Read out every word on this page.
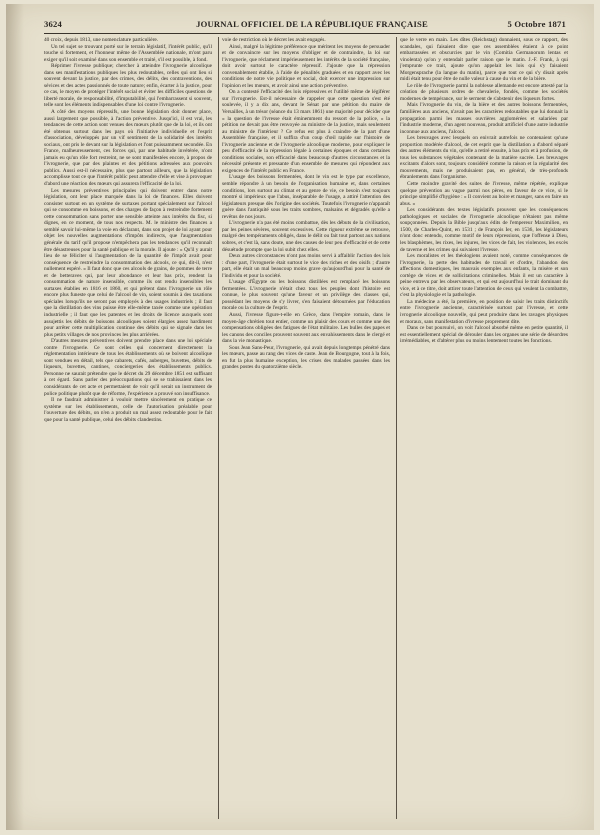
3624	JOURNAL OFFICIEL DE LA RÉPUBLIQUE FRANÇAISE	5 Octobre 1871

40 croix, depuis 1813, une nomenclature particulière.

Un tel sujet se trouvant porté sur le terrain législatif, l'intérêt public, qu'il touche si fortement, et l'honneur même de l'Assemblée nationale, m'ont paru exiger qu'il soit examiné dans son ensemble et traité, s'il est possible, à fond.

Réprimer l'ivresse publique; chercher à atteindre l'ivrognerie alcoolique dans ses manifestations publiques les plus redoutables, celles qui ont lieu si souvent devant la justice, par des crimes, des délits, des contraventions, des sévices et des actes passionnés de toute nature; enfin, écarter à la justice, pour ce cas, le moyen de protéger l'intérêt social et éviter les difficiles questions de liberté morale, de responsabilité, d'imputabilité, qui l'embarrassent si souvent, telle sont les éléments indispensables d'une loi contre l'ivrognerie.

A côté des moyens répressifs, une bonne législation doit donner place, aussi largement que possible, à l'action préventive. Jusqu'ici, il est vrai, les tendances de cette action sont venues des mœurs plutôt que de la loi, et ils ont été obtenus surtout dans les pays où l'initiative individuelle et l'esprit d'association, développés par un vif sentiment de la solidarité des intérêts sociaux, ont pris le devant sur la législation et l'ont puissamment secondée. En France, malheureusement, ces forces qui, par une habitude invétérée, n'ont jamais eu qu'un rôle fort restreint, ne se sont manifestées encore, à propos de l'ivrognerie, que par des plaintes et des pétitions adressées aux pouvoirs publics. Aussi est-il nécessaire, plus que partout ailleurs, que la législation accomplisse tout ce que l'intérêt public peut attendre d'elle et vise à provoquer d'abord une réaction des mœurs qui assurera l'efficacité de la loi.

Les mesures préventives principales qui doivent entrer dans notre législation, ont leur place marquée dans la loi de finances. Elles doivent consister surtout en un système de surtaxes portant spécialement sur l'alcool qui se consomme en boissons, et des charges de façon à restreindre fortement cette consommation sans porter une sensible atteinte aux intérêts du fisc, si dignes, en ce moment, de tous nos respects. M. le ministre des finances a semblé savoir lui-même la voie en déclarant, dans son projet de loi ayant pour objet les nouvelles augmentations d'impôts indirects, que l'augmentation générale du tarif qu'il propose n'empêchera pas les tendances qu'il reconnaît être désastreuses pour la santé publique et la morale. Il ajoute : « Qu'il y aurait lieu de se féliciter si l'augmentation de la quantité de l'impôt avait pour conséquence de restreindre la consommation des alcools, ce qui, dit-il, n'est nullement espéré. » Il faut donc que ces alcools de grains, de pommes de terre et de betteraves qui, par leur abondance et leur bas prix, rendent la consommation de nature insensible, comme ils ont rendu insensibles les surtaxes établies en 1816 et 1860, et qui prêtent dans l'ivrognerie un rôle encore plus funeste que celui de l'alcool de vin, soient soumis à des taxations spéciales lorsqu'ils ne seront pas employés à des usages industriels ; il faut que la distillation des vins puisse être elle-même taxée comme une opération industrielle ; il faut que les patentes et les droits de licence auxquels sont assujettis les débits de boissons alcooliques soient élargies assez hardiment pour arrêter cette multiplication continue des débits qui se signale dans les plus petits villages de nos provinces les plus arriérées.

D'autres mesures préventives doivent prendre place dans une loi spéciale contre l'ivrognerie. Ce sont celles qui concernent directement la réglementation intérieure de tous les établissements où se boivent alcoolique sont vendues en détail, tels que cabarets, cafés, auberges, buvettes, débits de liqueurs, buvettes, cantines, conciergeries des établissements publics. Personne ne saurait prétendre que le décret du 29 décembre 1851 est suffisant à cet égard. Sans parler des préoccupations qui se se trahissaient dans les considérants de cet acte et permettaient de voir qu'il serait un instrument de police politique plutôt que de réforme, l'expérience a prouvé son insuffisance.

Il ne faudrait administrer à vouloir mettre sincèrement en pratique ce système sur les établissements, celle de l'autorisation préalable pour l'ouverture des débits, on n'en a produit un mal assez redoutable pour le fait que pour la santé publique, celui des débits clandestins.

voie de restriction où le décret les avait engagés.

Ainsi, malgré la légitime préférence que méritent les moyens de persuader et de convaincre sur les moyens d'obliger et de contraindre, la loi sur l'ivrognerie, que réclament impérieusement les intérêts de la société française, doit avoir surtout le caractère répressif. J'ajoute que la répression convenablement établie, à l'aide de pénalités graduées et en rapport avec les conditions de notre vie politique et social, doit exercer une impression sur l'opinion et les mœurs, et avoir ainsi une action préventive.

On a contesté l'efficacité des lois répressives et l'utilité même de légiférer sur l'ivrognerie. Est-il nécessaire de rappeler que cette question s'est été soulevée, il y a dix ans, devant le Sénat par une pétition du maire de Versailles, à un trésor (séance du 13 mars 1861) une majorité pour décider que « la question de l'ivresse était éminemment du ressort de la police, » la pétition ne devait pas être renvoyée au ministre de la justice, mais seulement au ministre de l'intérieur ? Ce refus est plus à craindre de la part d'une Assemblée française, et il suffira d'un coup d'œil rapide sur l'histoire de l'ivrognerie ancienne et de l'ivrognerie alcoolique moderne, pour expliquer le peu d'efficacité de la répression légale à certaines époques et dans certaines conditions sociales, son efficacité dans beaucoup d'autres circonstances et la nécessité présente et pressante d'un ensemble de mesures qui répondent aux exigences de l'intérêt public en France.

L'usage des boissons fermentées, dont le vin est le type par excellence, semble répondre à un besoin de l'organisation humaine et, dans certaines conditions, lors surtout au climat et au genre de vie, ce besoin s'est toujours montré si impérieux que l'abus, inséparable de l'usage, a attiré l'attention des législateurs presque dès l'origine des sociétés. Toutefois l'ivrognerie n'apparaît guère dans l'antiquité sous les traits sombres, malsains et dégradés qu'elle a revêtus de nos jours.

L'ivrognerie n'a pas été moins combattue, dès les débuts de la civilisation, par les peines sévères, souvent excessives. Cette rigueur extrême se retrouve, malgré des tempéraments obligés, dans le délit ou fait tout partout aux nations sobres, et c'est là, sans doute, une des causes de leur peu d'efficacité et de cette désuétude prompte que la loi subit chez elles.

Deux autres circonstances n'ont pas moins servi à affaiblir l'action des lois : d'une part, l'ivrognerie était surtout le vice des riches et des oisifs ; d'autre part, elle était un mal beaucoup moins grave qu'aujourd'hui pour la santé de l'individu et pour la société.

L'usage d'Égypte ou les boissons distillées est remplacé les boissons fermentées. L'ivrognerie n'était chez tous les peuples dont l'histoire est connue, le plus souvent qu'une faveur et un privilège des classes qui, possédant les moyens de s'y livrer, s'en faisaient détournées par l'éducation morale ou la culture de l'esprit.

Aussi, l'ivresse figure-t-elle en Grèce, dans l'empire romain, dans le moyen-âge chrétien tout entier, comme un plaisir des cours et comme une des compensations obligées des fatigues de l'état militaire. Les bulles des papes et les canons des conciles prouvent souvent aux envahissements dans le clergé et dans la vie monastique.

Sous Jean Sans-Peur, l'ivrognerie, qui avait depuis longtemps pénétré dans les mœurs, passe au rang des vices de caste. Jean de Bourgogne, tout à la fois, en fut la plus humaine exception, les crises des malades passées dans les grandes postes du quatorzième siècle.

que le verre en main. Les dîtes (Reichstag) donnaient, sous ce rapport, des scandales, qui faisaient dire que ces assemblées étaient à ce point embarrassées et obscurcies par le vin (Comitia Germanorum lentas et vinolenta) qu'on y entendait parler raison que le matin. J.-F. Frank, à qui j'emprunte ce trait, ajoute qu'on appelait les lois qui s'y faisaient Morgensprache (la langue du matin), parce que tout ce qui s'y disait après midi était tenu pour être de nulle valeur à cause du vin et de la bière.

Le rôle de l'ivrognerie parmi la noblesse allemande est encore attesté par la création de plusieurs ordres de chevalerie, fondés, comme les sociétés modernes de tempérance, sur le serment de s'abstenir des liqueurs fortes.

Mais l'ivrognerie du vin, de la bière et des autres boissons fermentées, familières aux anciens, n'avait pas les caractères redoutables que lui donnait la propagation parmi les masses ouvrières agglomérées et salariées par l'industrie moderne, d'un agent nouveau, produit artificiel d'une autre industrie inconnue aux anciens, l'alcool.

Les breuvages avec lesquels on enivrait autrefois ne contenaient qu'une proportion modérée d'alcool, de cet esprit que la distillation a d'abord séparé des autres éléments du vin, qu'elle a retiré ensuite, à bas prix et à profusion, de tous les substances végétales contenant de la matière sucrée. Les breuvages excitants d'alors sont, toujours considéré comme la raison et la régularité des mouvements, mais ne produisaient pas, en général, de très-profonds ébranlements dans l'organisme.

Cette moindre gravité des suites de l'ivresse, même répétée, explique quelque prévention au vague parmi nos pères, en faveur de ce vice, si le principe simplifié d'hygiène : « Il convient au boire et manger, sans en faire un abus. »

Les considérants des textes législatifs prouvent que les conséquences pathologiques et sociales de l'ivrognerie alcoolique n'étaient pas même soupçonnées. Depuis la Bible jusqu'aux édits de l'empereur Maximilien, en 1500, de Charles-Quint, en 1531 ; de François Ier, en 1536, les législateurs n'ont donc entendu, comme motif de leurs répressions, que l'offense à Dieu, les blasphèmes, les rixes, les injures, les vices de fait, les violences, les excès de taverne et les crimes qui suivaient l'ivresse.

Les moralistes et les théologiens avaient noté, comme conséquences de l'ivrognerie, la perte des habitudes de travail et d'ordre, l'abandon des affections domestiques, les mauvais exemples aux enfants, la misère et son cortège de vices et de sollicitations criminelles. Mais il est un caractère à peine entrevu par les observateurs, et qui est aujourd'hui le trait dominant du vice, et à ce titre, doit attirer toute l'attention de ceux qui veulent la combattre, c'est la physiologie et la pathologie.

La médecine a été, la première, en position de saisir les traits distinctifs entre l'ivrognerie ancienne, caractérisée surtout par l'ivresse, et cette ivrognerie alcoolique nouvelle, qui peut produire dans les ravages physiques et moraux, sans manifestation d'ivresse proprement dite.

Dans ce but poursuivi, on voit l'alcool absorbé même en petite quantité, il est essentiellement spécial de dérouler dans les organes une série de désordres irrémédiables, et d'altérer plus ou moins lentement toutes les fonctions.
